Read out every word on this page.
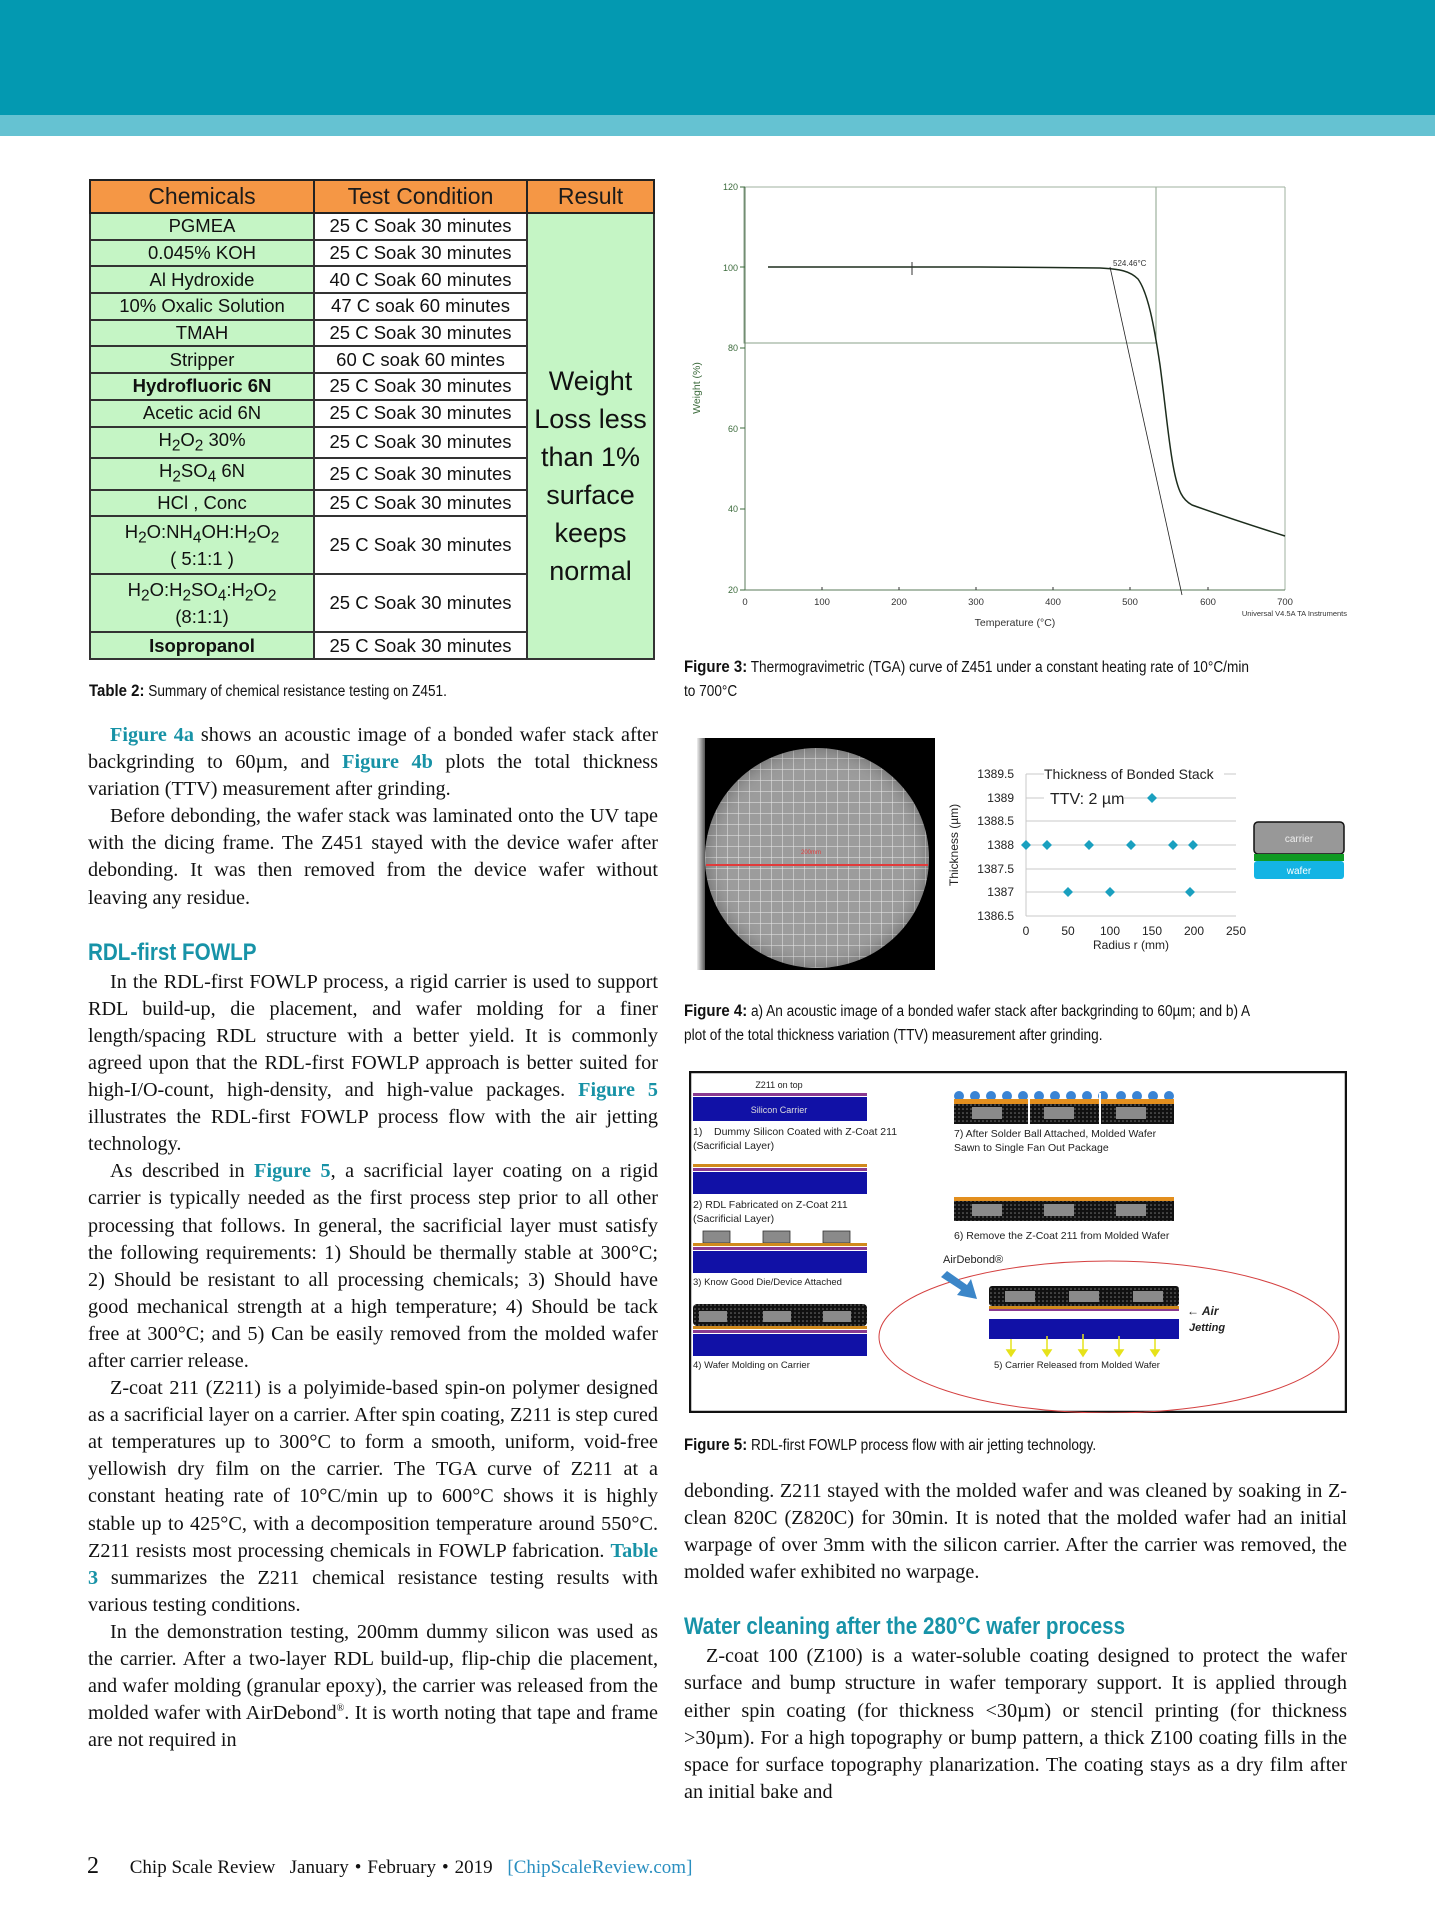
Chemicals	Test Condition	Result
PGMEA	25 C Soak 30 minutes	
Weight
Loss less
than 1%
surface
keeps
normal

0.045% KOH	25 C Soak 30 minutes	
Al Hydroxide	40 C Soak 60 minutes	
10% Oxalic Solution	47 C soak 60 minutes	
TMAH	25 C Soak 30 minutes	
Stripper	60 C soak 60 mintes	
Hydrofluoric 6N	25 C Soak 30 minutes	
Acetic acid 6N	25 C Soak 30 minutes	
$H_2O_2$ 30%	25 C Soak 30 minutes	
$H_2SO_4$ 6N	25 C Soak 30 minutes	
HCl , Conc	25 C Soak 30 minutes	
$H_2O:NH_4OH:H_2O_2$
( 5:1:1 )	25 C Soak 30 minutes	
$H_2O:H_2SO_4:H_2O_2$
(8:1:1)	25 C Soak 30 minutes	
Isopropanol	25 C Soak 30 minutes	
Table 2: Summary of chemical resistance testing on Z451.
120
100
80
60
40
20
0	100	200	300	400	500	600	700
Temperature (°C)
Weight (%)
Universal V4.5A TA Instruments
524.46°C
Figure 3: Thermogravimetric (TGA) curve of Z451 under a constant heating rate of 10°C/min to 700°C
200mm
1389.5
1389
1388.5
1388
1387.5
1387
1386.5
0	50 100 150 200 250
Radius r (mm)
Thickness (µm)
Thickness of Bonded Stack
TTV: 2 µm
carrier
wafer
Figure 4: a) An acoustic image of a bonded wafer stack after backgrinding to 60µm; and b) A plot of the total thickness variation (TTV) measurement after grinding.
Z211 on top
Silicon Carrier
1)    Dummy Silicon Coated with Z-Coat 211
(Sacrificial Layer)
2) RDL Fabricated on Z-Coat 211
(Sacrificial Layer)
3) Know Good Die/Device Attached
4) Wafer Molding on Carrier
7) After Solder Ball Attached, Molded Wafer
Sawn to Single Fan Out Package
6) Remove the Z-Coat 211 from Molded Wafer
AirDebond®
5) Carrier Released from Molded Wafer
← Air
Jetting
Figure 5: RDL-first FOWLP process flow with air jetting technology.

Figure 4a shows an acoustic image of a bonded wafer stack after backgrinding to 60µm, and Figure 4b plots the total thickness variation (TTV) measurement after grinding.

Before debonding, the wafer stack was laminated onto the UV tape with the dicing frame. The Z451 stayed with the device wafer after debonding. It was then removed from the device wafer without leaving any residue.

RDL-first FOWLP

In the RDL-first FOWLP process, a rigid carrier is used to support RDL build-up, die placement, and wafer molding for a finer length/spacing RDL structure with a better yield. It is commonly agreed upon that the RDL-first FOWLP approach is better suited for high-I/O-count, high-density, and high-value packages. Figure 5 illustrates the RDL-first FOWLP process flow with the air jetting technology.

As described in Figure 5, a sacrificial layer coating on a rigid carrier is typically needed as the first process step prior to all other processing that follows. In general, the sacrificial layer must satisfy the following requirements: 1) Should be thermally stable at 300°C; 2) Should be resistant to all processing chemicals; 3) Should have good mechanical strength at a high temperature; 4) Should be tack free at 300°C; and 5) Can be easily removed from the molded wafer after carrier release.

Z-coat 211 (Z211) is a polyimide-based spin-on polymer designed as a sacrificial layer on a carrier. After spin coating, Z211 is step cured at temperatures up to 300°C to form a smooth, uniform, void-free yellowish dry film on the carrier. The TGA curve of Z211 at a constant heating rate of 10°C/min up to 600°C shows it is highly stable up to 425°C, with a decomposition temperature around 550°C. Z211 resists most processing chemicals in FOWLP fabrication. Table 3 summarizes the Z211 chemical resistance testing results with various testing conditions.

In the demonstration testing, 200mm dummy silicon was used as the carrier. After a two-layer RDL build-up, flip-chip die placement, and wafer molding (granular epoxy), the carrier was released from the molded wafer with AirDebond®. It is worth noting that tape and frame are not required in

debonding. Z211 stayed with the molded wafer and was cleaned by soaking in Z-clean 820C (Z820C) for 30min. It is noted that the molded wafer had an initial warpage of over 3mm with the silicon carrier. After the carrier was removed, the molded wafer exhibited no warpage.

Water cleaning after the 280°C wafer process

Z-coat 100 (Z100) is a water-soluble coating designed to protect the wafer surface and bump structure in wafer temporary support. It is applied through either spin coating (for thickness <30µm) or stencil printing (for thickness >30µm). For a high topography or bump pattern, a thick Z100 coating fills in the space for surface topography planarization. The coating stays as a dry film after an initial bake and

2 Chip Scale Review January • February • 2019 [ChipScaleReview.com]
